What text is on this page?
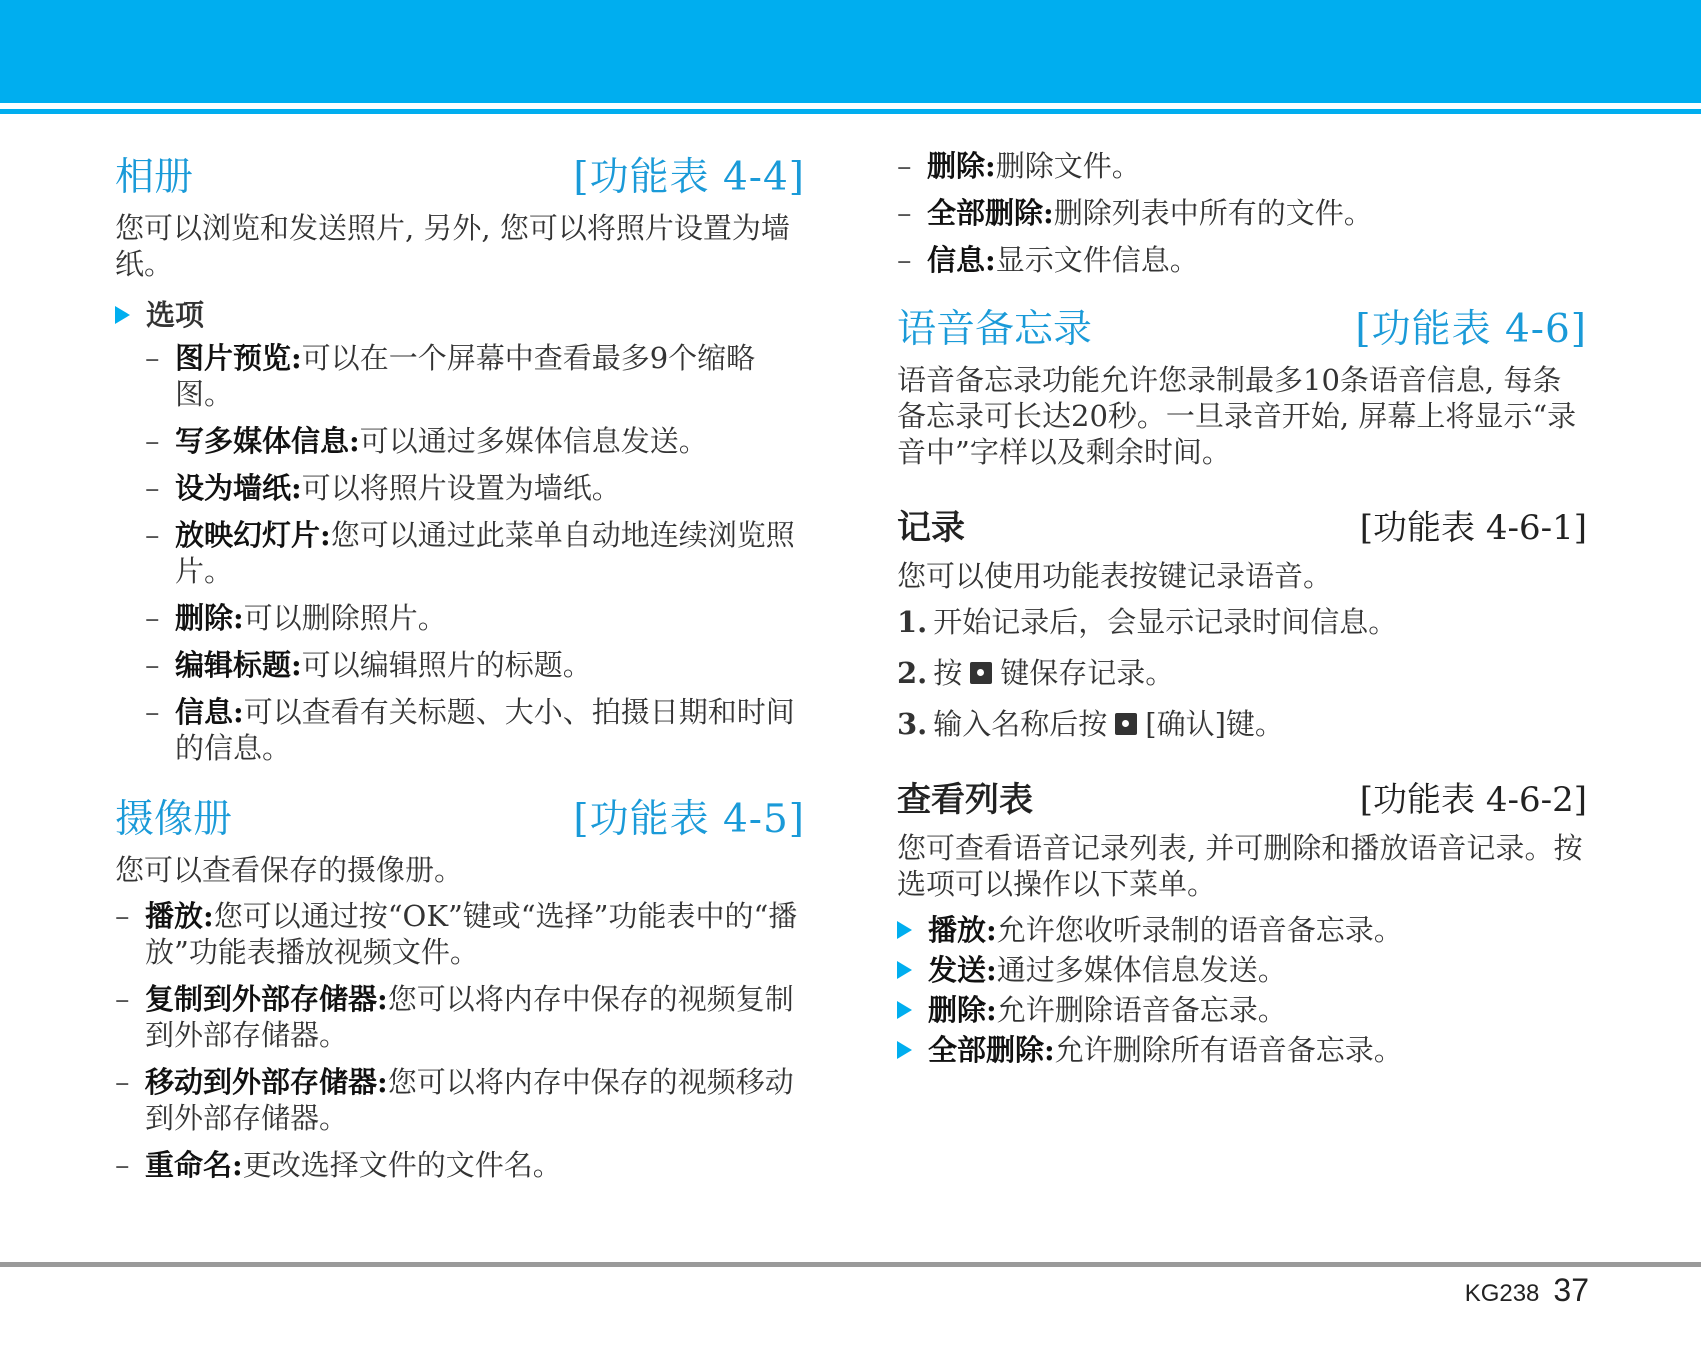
相册	[功能表 4-4]

您可以浏览和发送照片, 另外, 您可以将照片设置为墙纸。

选项
– 图片预览:可以在一个屏幕中查看最多9个缩略图。
– 写多媒体信息:可以通过多媒体信息发送。
– 设为墙纸:可以将照片设置为墙纸。
– 放映幻灯片:您可以通过此菜单自动地连续浏览照片。
– 删除:可以删除照片。
– 编辑标题:可以编辑照片的标题。
– 信息:可以查看有关标题、大小、拍摄日期和时间的信息。
摄像册	[功能表 4-5]

您可以查看保存的摄像册。

– 播放:您可以通过按“OK”键或“选择”功能表中的“播放”功能表播放视频文件。
– 复制到外部存储器:您可以将内存中保存的视频复制到外部存储器。
– 移动到外部存储器:您可以将内存中保存的视频移动到外部存储器。
– 重命名:更改选择文件的文件名。
– 删除:删除文件。
– 全部删除:删除列表中所有的文件。
– 信息:显示文件信息。
语音备忘录	[功能表 4-6]

语音备忘录功能允许您录制最多10条语音信息, 每条备忘录可长达20秒。一旦录音开始, 屏幕上将显示“录音中”字样以及剩余时间。

记录	[功能表 4-6-1]

您可以使用功能表按键记录语音。

1. 开始记录后，会显示记录时间信息。
2. 按 键保存记录。
3. 输入名称后按 [确认]键。
查看列表	[功能表 4-6-2]

您可查看语音记录列表, 并可删除和播放语音记录。按选项可以操作以下菜单。

播放: 允许您收听录制的语音备忘录。
发送: 通过多媒体信息发送。
删除: 允许删除语音备忘录。
全部删除: 允许删除所有语音备忘录。
KG238 37
